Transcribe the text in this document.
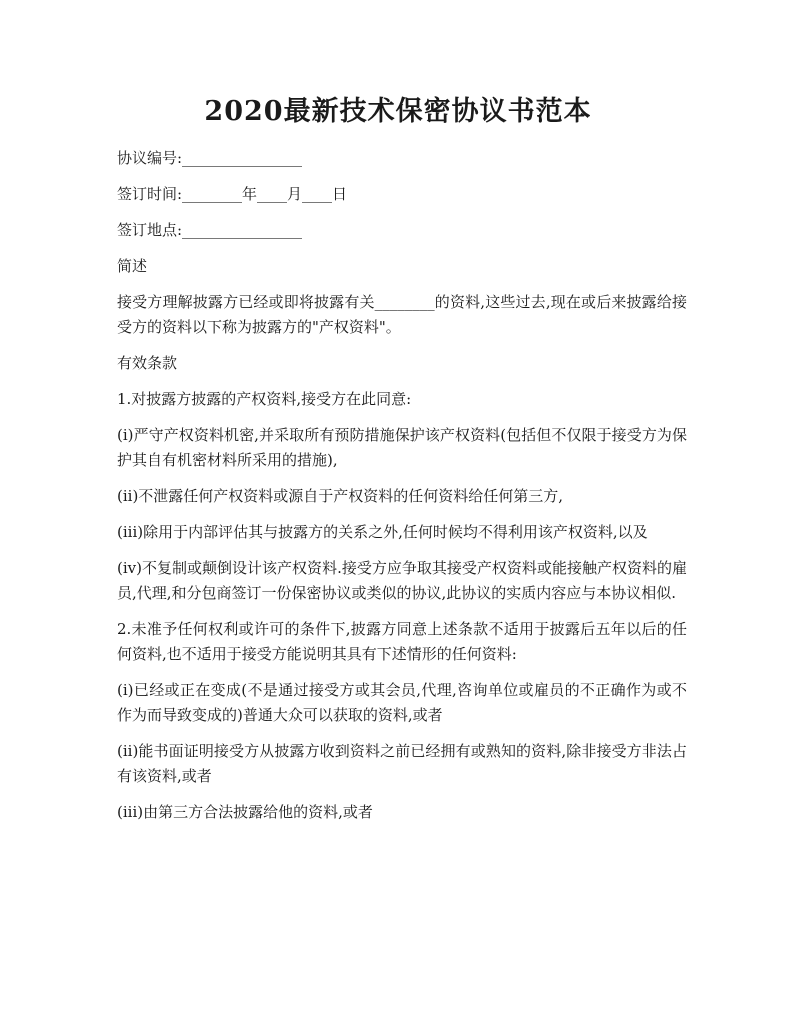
2020最新技术保密协议书范本

协议编号:________________

签订时间:________年____月____日

签订地点:________________

简述

接受方理解披露方已经或即将披露有关________的资料,这些过去,现在或后来披露给接受方的资料以下称为披露方的"产权资料"。

有效条款

1.对披露方披露的产权资料,接受方在此同意:

(i)严守产权资料机密,并采取所有预防措施保护该产权资料(包括但不仅限于接受方为保护其自有机密材料所采用的措施),

(ii)不泄露任何产权资料或源自于产权资料的任何资料给任何第三方,

(iii)除用于内部评估其与披露方的关系之外,任何时候均不得利用该产权资料,以及

(iv)不复制或颠倒设计该产权资料.接受方应争取其接受产权资料或能接触产权资料的雇员,代理,和分包商签订一份保密协议或类似的协议,此协议的实质内容应与本协议相似.

2.未准予任何权利或许可的条件下,披露方同意上述条款不适用于披露后五年以后的任何资料,也不适用于接受方能说明其具有下述情形的任何资料:

(i)已经或正在变成(不是通过接受方或其会员,代理,咨询单位或雇员的不正确作为或不作为而导致变成的)普通大众可以获取的资料,或者

(ii)能书面证明接受方从披露方收到资料之前已经拥有或熟知的资料,除非接受方非法占有该资料,或者

(iii)由第三方合法披露给他的资料,或者
